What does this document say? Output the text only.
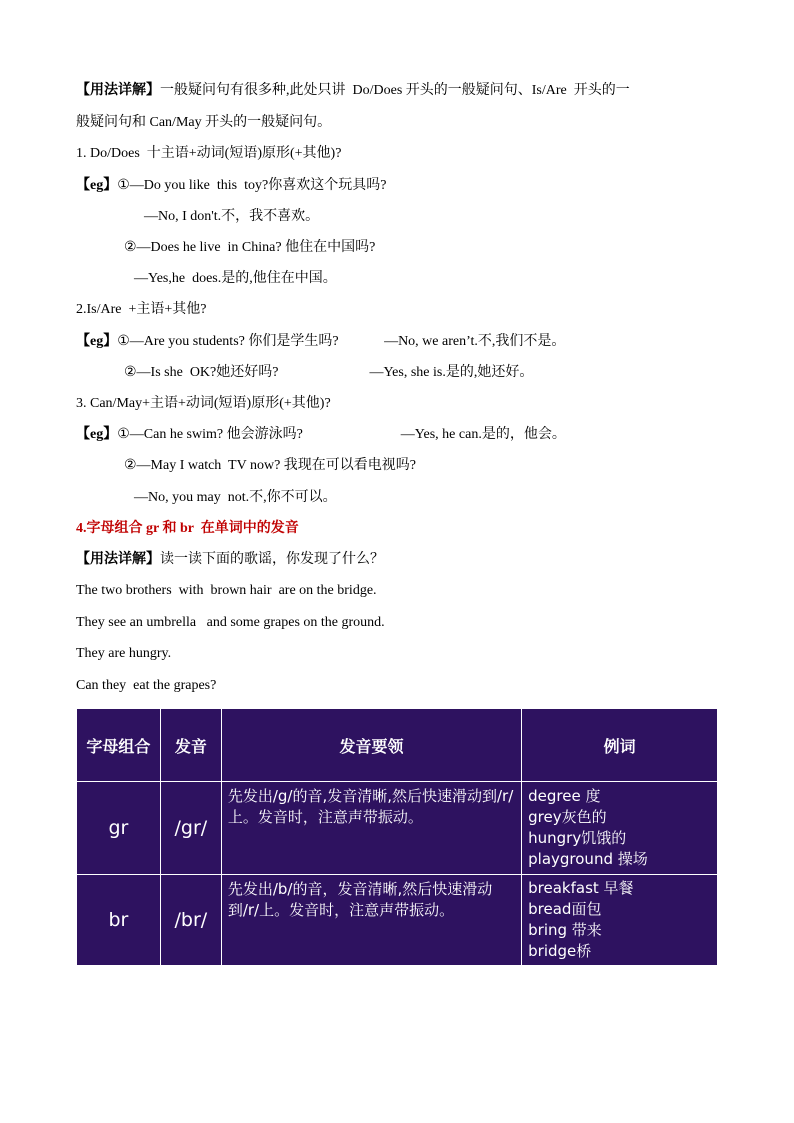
【用法详解】一般疑问句有很多种,此处只讲  Do/Does 开头的一般疑问句、Is/Are  开头的一
般疑问句和 Can/May 开头的一般疑问句。
1. Do/Does  十主语+动词(短语)原形(+其他)?
【eg】①—Do you like  this  toy?你喜欢这个玩具吗?
—No, I don't.不，我不喜欢。
②—Does he live  in China? 他住在中国吗?
—Yes,he  does.是的,他住在中国。
2.Is/Are  +主语+其他?
【eg】①—Are you students? 你们是学生吗?             —No, we aren’t.不,我们不是。
②—Is she  OK?她还好吗?                          —Yes, she is.是的,她还好。
3. Can/May+主语+动词(短语)原形(+其他)?
【eg】①—Can he swim? 他会游泳吗?                            —Yes, he can.是的，他会。
②—May I watch  TV now? 我现在可以看电视吗?
—No, you may  not.不,你不可以。
4.字母组合 gr 和 br  在单词中的发音
【用法详解】读一读下面的歌谣，你发现了什么？
The two brothers  with  brown hair  are on the bridge.
They see an umbrella   and some grapes on the ground.
They are hungry.
Can they  eat the grapes?
字母组合	发音	发音要领	例词
gr	/gr/	先发出/g/的音,发音清晰,然后快速滑动到/r/上。发音时，注意声带振动。	degree 度
grey灰色的
hungry饥饿的
playground 操场

br	/br/	先发出/b/的音，发音清晰,然后快速滑动到/r/上。发音时，注意声带振动。	breakfast 早餐
bread面包
bring 带来
bridge桥
